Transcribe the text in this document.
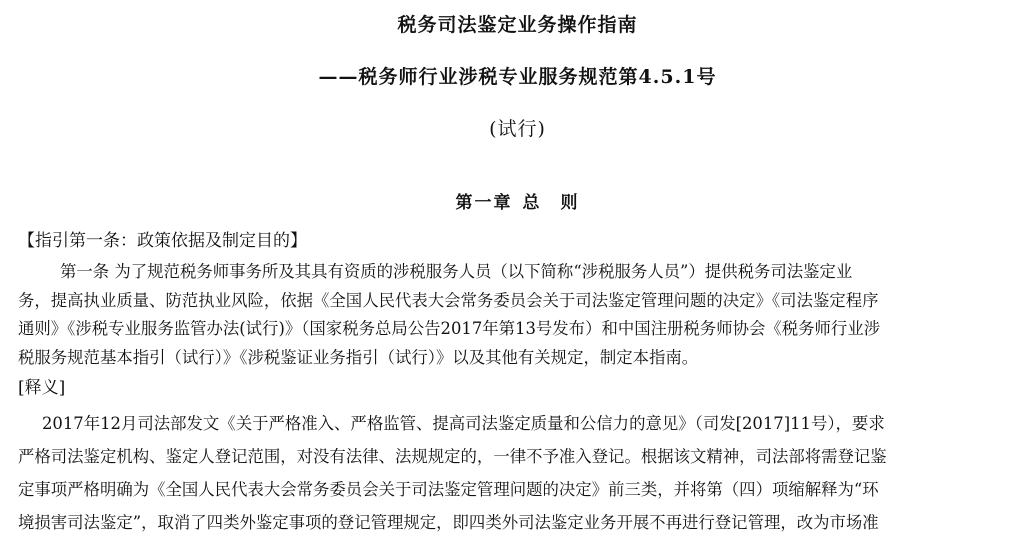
税务司法鉴定业务操作指南
——税务师行业涉税专业服务规范第4.5.1号
(试行)
第一章 总　则
【指引第一条：政策依据及制定目的】
第一条 为了规范税务师事务所及其具有资质的涉税服务人员（以下简称“涉税服务人员”）提供税务司法鉴定业
务，提高执业质量、防范执业风险，依据《全国人民代表大会常务委员会关于司法鉴定管理问题的决定》《司法鉴定程序
通则》《涉税专业服务监管办法(试行)》（国家税务总局公告2017年第13号发布）和中国注册税务师协会《税务师行业涉
税服务规范基本指引（试行）》《涉税鉴证业务指引（试行）》以及其他有关规定，制定本指南。
[释义]
2017年12月司法部发文《关于严格准入、严格监管、提高司法鉴定质量和公信力的意见》（司发[2017]11号），要求
严格司法鉴定机构、鉴定人登记范围，对没有法律、法规规定的，一律不予准入登记。根据该文精神，司法部将需登记鉴
定事项严格明确为《全国人民代表大会常务委员会关于司法鉴定管理问题的决定》前三类，并将第（四）项缩解释为“环
境损害司法鉴定”，取消了四类外鉴定事项的登记管理规定，即四类外司法鉴定业务开展不再进行登记管理，改为市场准
